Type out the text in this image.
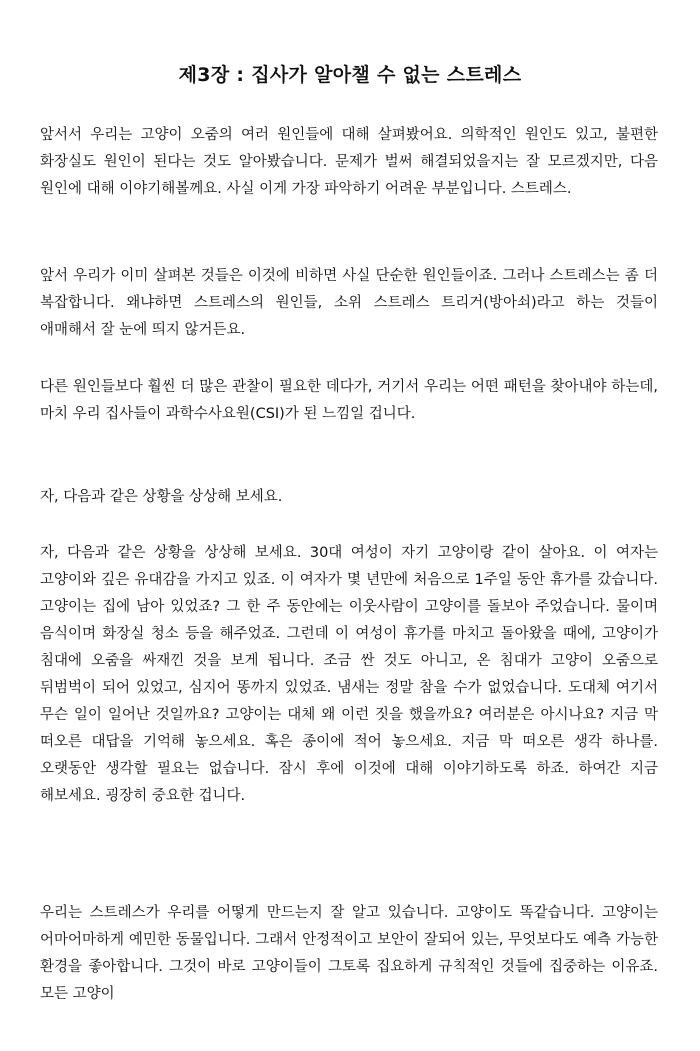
제3장 : 집사가 알아챌 수 없는 스트레스

앞서서 우리는 고양이 오줌의 여러 원인들에 대해 살펴봤어요. 의학적인 원인도 있고, 불편한 화장실도 원인이 된다는 것도 알아봤습니다. 문제가 벌써 해결되었을지는 잘 모르겠지만, 다음 원인에 대해 이야기해볼께요. 사실 이게 가장 파악하기 어려운 부분입니다. 스트레스.

앞서 우리가 이미 살펴본 것들은 이것에 비하면 사실 단순한 원인들이죠. 그러나 스트레스는 좀 더 복잡합니다. 왜냐하면 스트레스의 원인들, 소위 스트레스 트리거(방아쇠)라고 하는 것들이 애매해서 잘 눈에 띄지 않거든요.

다른 원인들보다 훨씬 더 많은 관찰이 필요한 데다가, 거기서 우리는 어떤 패턴을 찾아내야 하는데, 마치 우리 집사들이 과학수사요원(CSI)가 된 느낌일 겁니다.

자, 다음과 같은 상황을 상상해 보세요.

자, 다음과 같은 상황을 상상해 보세요. 30대 여성이 자기 고양이랑 같이 살아요. 이 여자는 고양이와 깊은 유대감을 가지고 있죠. 이 여자가 몇 년만에 처음으로 1주일 동안 휴가를 갔습니다. 고양이는 집에 남아 있었죠? 그 한 주 동안에는 이웃사람이 고양이를 돌보아 주었습니다. 물이며 음식이며 화장실 청소 등을 해주었죠. 그런데 이 여성이 휴가를 마치고 돌아왔을 때에, 고양이가 침대에 오줌을 싸재낀 것을 보게 됩니다. 조금 싼 것도 아니고, 온 침대가 고양이 오줌으로 뒤범벅이 되어 있었고, 심지어 똥까지 있었죠. 냄새는 정말 참을 수가 없었습니다. 도대체 여기서 무슨 일이 일어난 것일까요? 고양이는 대체 왜 이런 짓을 했을까요? 여러분은 아시나요? 지금 막 떠오른 대답을 기억해 놓으세요. 혹은 종이에 적어 놓으세요. 지금 막 떠오른 생각 하나를. 오랫동안 생각할 필요는 없습니다. 잠시 후에 이것에 대해 이야기하도록 하죠. 하여간 지금 해보세요. 굉장히 중요한 겁니다.

우리는 스트레스가 우리를 어떻게 만드는지 잘 알고 있습니다. 고양이도 똑같습니다. 고양이는 어마어마하게 예민한 동물입니다. 그래서 안정적이고 보안이 잘되어 있는, 무엇보다도 예측 가능한 환경을 좋아합니다. 그것이 바로 고양이들이 그토록 집요하게 규칙적인 것들에 집중하는 이유죠. 모든 고양이
